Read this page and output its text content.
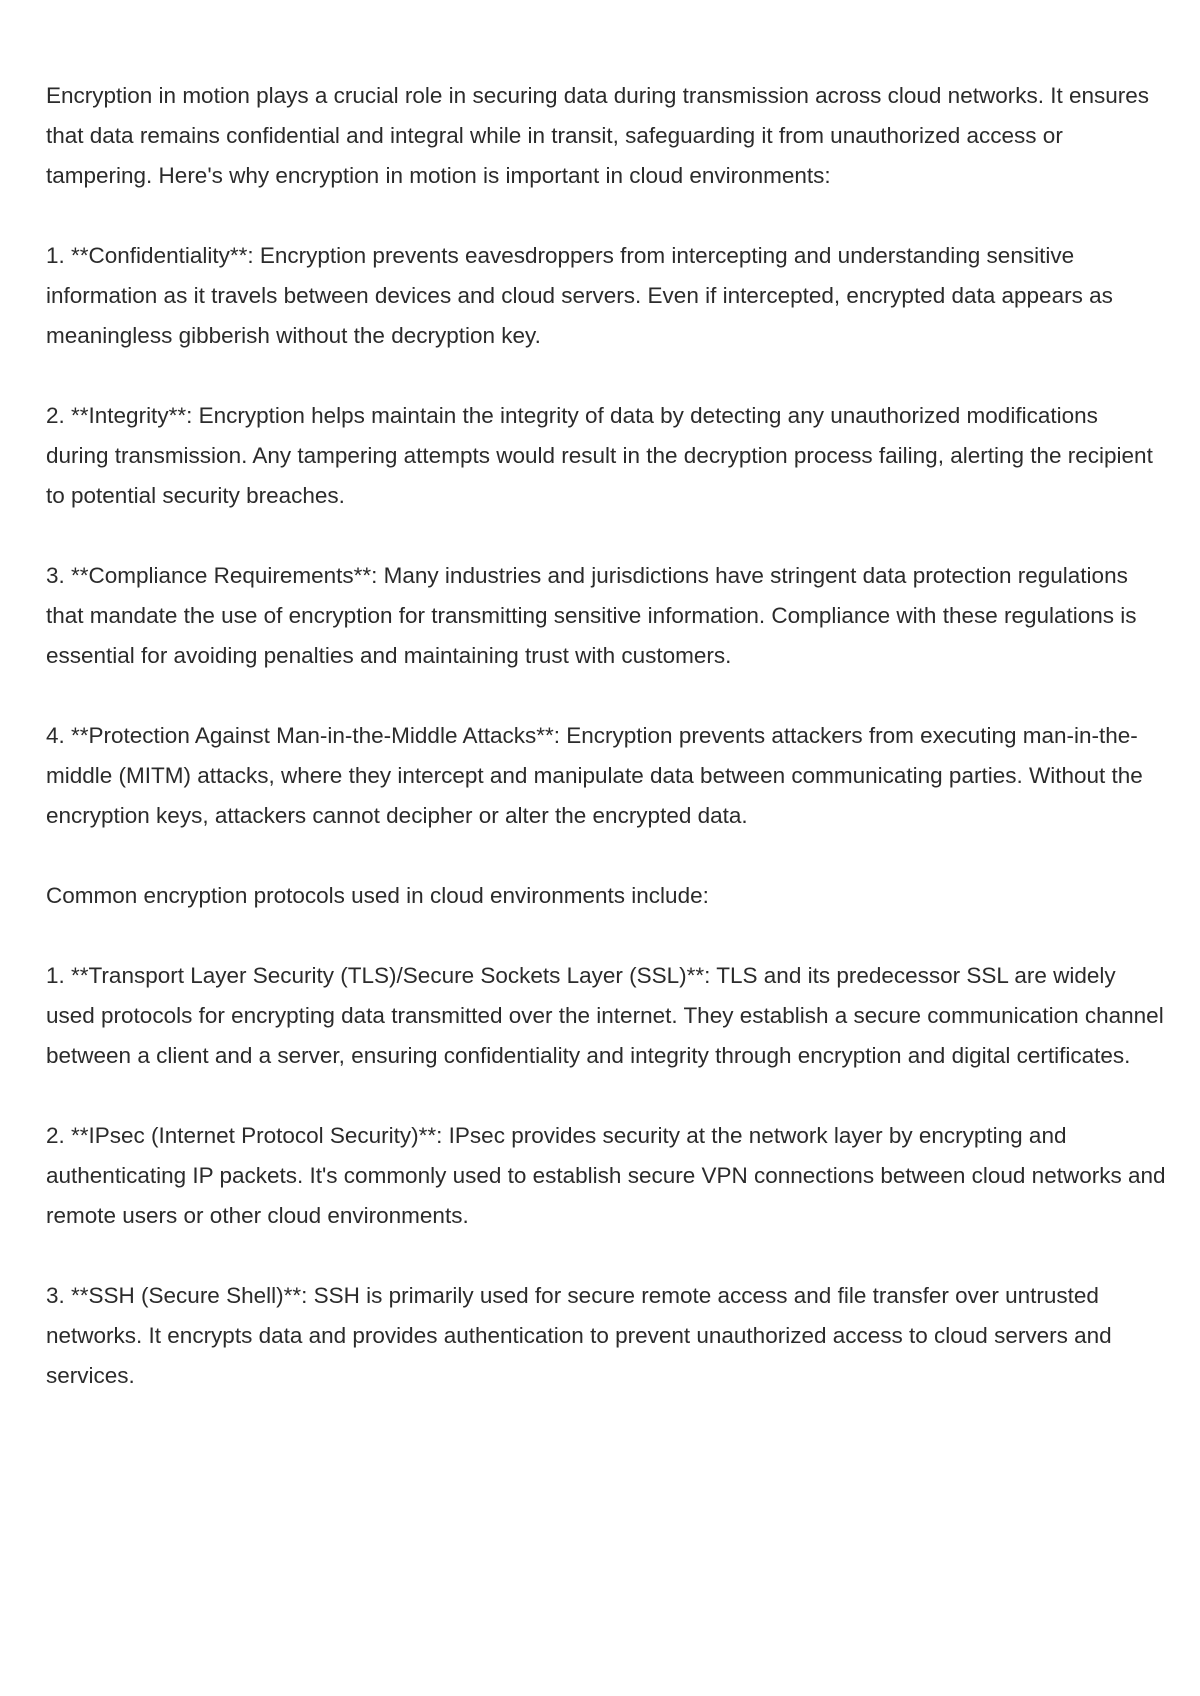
Encryption in motion plays a crucial role in securing data during transmission across cloud networks. It ensures that data remains confidential and integral while in transit, safeguarding it from unauthorized access or tampering. Here's why encryption in motion is important in cloud environments:

1. **Confidentiality**: Encryption prevents eavesdroppers from intercepting and understanding sensitive information as it travels between devices and cloud servers. Even if intercepted, encrypted data appears as meaningless gibberish without the decryption key.

2. **Integrity**: Encryption helps maintain the integrity of data by detecting any unauthorized modifications during transmission. Any tampering attempts would result in the decryption process failing, alerting the recipient to potential security breaches.

3. **Compliance Requirements**: Many industries and jurisdictions have stringent data protection regulations that mandate the use of encryption for transmitting sensitive information. Compliance with these regulations is essential for avoiding penalties and maintaining trust with customers.

4. **Protection Against Man-in-the-Middle Attacks**: Encryption prevents attackers from executing man-in-the-middle (MITM) attacks, where they intercept and manipulate data between communicating parties. Without the encryption keys, attackers cannot decipher or alter the encrypted data.

Common encryption protocols used in cloud environments include:

1. **Transport Layer Security (TLS)/Secure Sockets Layer (SSL)**: TLS and its predecessor SSL are widely used protocols for encrypting data transmitted over the internet. They establish a secure communication channel between a client and a server, ensuring confidentiality and integrity through encryption and digital certificates.

2. **IPsec (Internet Protocol Security)**: IPsec provides security at the network layer by encrypting and authenticating IP packets. It's commonly used to establish secure VPN connections between cloud networks and remote users or other cloud environments.

3. **SSH (Secure Shell)**: SSH is primarily used for secure remote access and file transfer over untrusted networks. It encrypts data and provides authentication to prevent unauthorized access to cloud servers and services.
